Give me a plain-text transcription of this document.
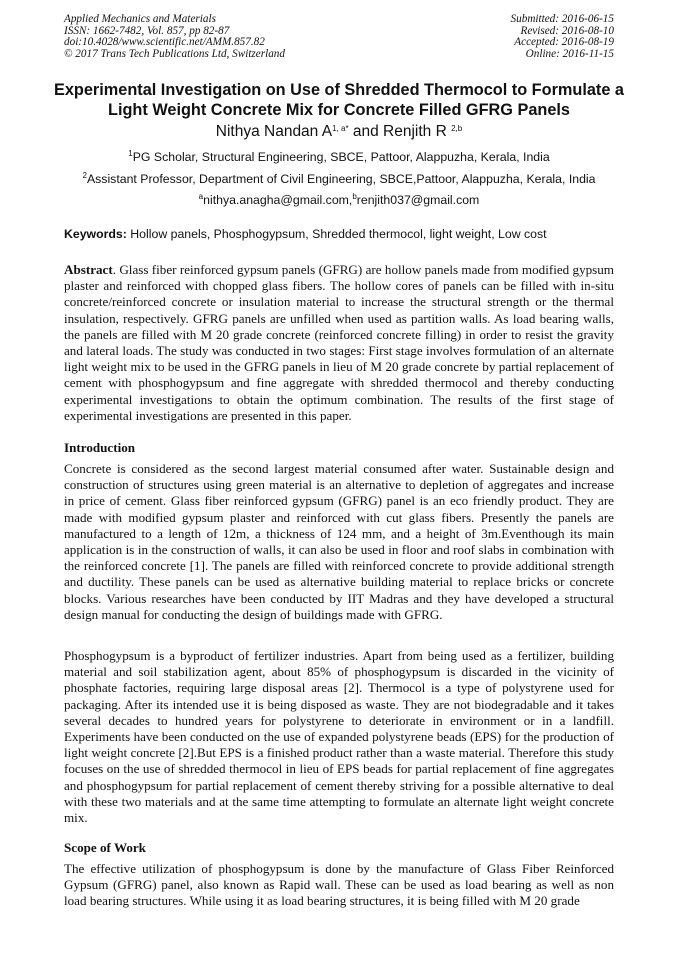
Applied Mechanics and Materials
ISSN: 1662-7482, Vol. 857, pp 82-87
doi:10.4028/www.scientific.net/AMM.857.82
© 2017 Trans Tech Publications Ltd, Switzerland
Submitted: 2016-06-15
Revised: 2016-08-10
Accepted: 2016-08-19
Online: 2016-11-15
Experimental Investigation on Use of Shredded Thermocol to Formulate a Light Weight Concrete Mix for Concrete Filled GFRG Panels
Nithya Nandan $A^{1, a*}$ and Renjith R $^{2,b}$
$^1$PG Scholar, Structural Engineering, SBCE, Pattoor, Alappuzha, Kerala, India
$^2$Assistant Professor, Department of Civil Engineering, SBCE,Pattoor, Alappuzha, Kerala, India
$^a$nithya.anagha@gmail.com,$^b$renjith037@gmail.com
Keywords: Hollow panels, Phosphogypsum, Shredded thermocol, light weight, Low cost

Abstract. Glass fiber reinforced gypsum panels (GFRG) are hollow panels made from modified gypsum plaster and reinforced with chopped glass fibers. The hollow cores of panels can be filled with in-situ concrete/reinforced concrete or insulation material to increase the structural strength or the thermal insulation, respectively. GFRG panels are unfilled when used as partition walls. As load bearing walls, the panels are filled with M 20 grade concrete (reinforced concrete filling) in order to resist the gravity and lateral loads. The study was conducted in two stages: First stage involves formulation of an alternate light weight mix to be used in the GFRG panels in lieu of M 20 grade concrete by partial replacement of cement with phosphogypsum and fine aggregate with shredded thermocol and thereby conducting experimental investigations to obtain the optimum combination. The results of the first stage of experimental investigations are presented in this paper.

Introduction

Concrete is considered as the second largest material consumed after water. Sustainable design and construction of structures using green material is an alternative to depletion of aggregates and increase in price of cement. Glass fiber reinforced gypsum (GFRG) panel is an eco friendly product. They are made with modified gypsum plaster and reinforced with cut glass fibers. Presently the panels are manufactured to a length of 12m, a thickness of 124 mm, and a height of 3m.Eventhough its main application is in the construction of walls, it can also be used in floor and roof slabs in combination with the reinforced concrete [1]. The panels are filled with reinforced concrete to provide additional strength and ductility. These panels can be used as alternative building material to replace bricks or concrete blocks. Various researches have been conducted by IIT Madras and they have developed a structural design manual for conducting the design of buildings made with GFRG.

Phosphogypsum is a byproduct of fertilizer industries. Apart from being used as a fertilizer, building material and soil stabilization agent, about 85% of phosphogypsum is discarded in the vicinity of phosphate factories, requiring large disposal areas [2]. Thermocol is a type of polystyrene used for packaging. After its intended use it is being disposed as waste. They are not biodegradable and it takes several decades to hundred years for polystyrene to deteriorate in environment or in a landfill. Experiments have been conducted on the use of expanded polystyrene beads (EPS) for the production of light weight concrete [2].But EPS is a finished product rather than a waste material. Therefore this study focuses on the use of shredded thermocol in lieu of EPS beads for partial replacement of fine aggregates and phosphogypsum for partial replacement of cement thereby striving for a possible alternative to deal with these two materials and at the same time attempting to formulate an alternate light weight concrete mix.

Scope of Work

The effective utilization of phosphogypsum is done by the manufacture of Glass Fiber Reinforced Gypsum (GFRG) panel, also known as Rapid wall. These can be used as load bearing as well as non load bearing structures. While using it as load bearing structures, it is being filled with M 20 grade
